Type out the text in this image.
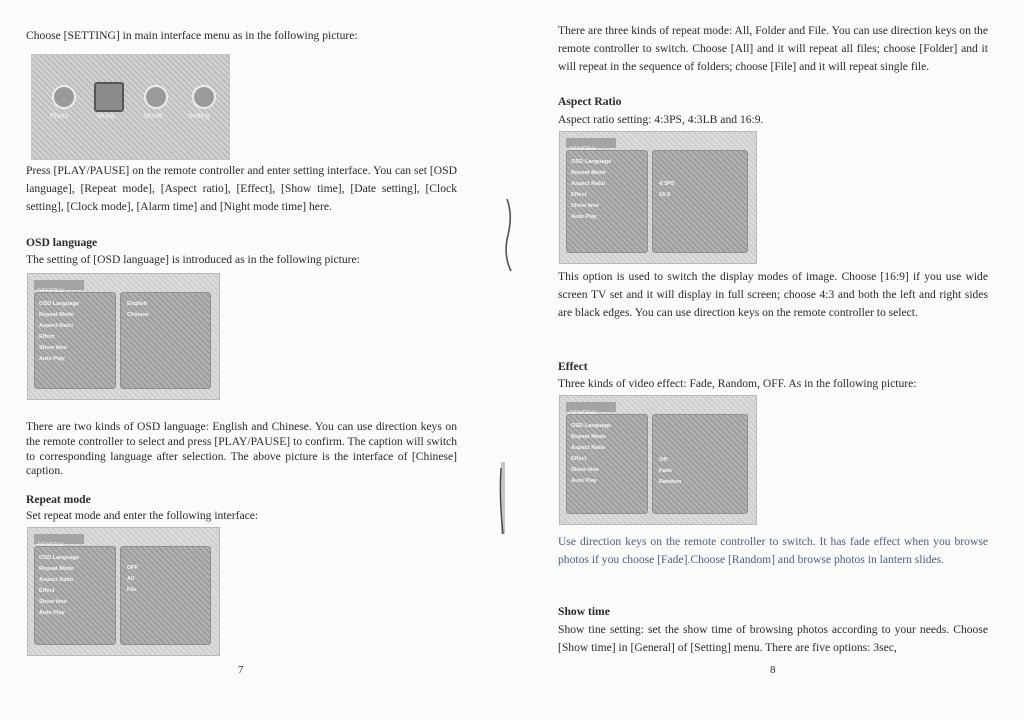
Choose [SETTING] in main interface menu as in the following picture:

Photo	Music	Movie	Setting

Press [PLAY/PAUSE] on the remote controller and enter setting interface. You can set [OSD language], [Repeat mode], [Aspect ratio], [Effect], [Show time], [Date setting], [Clock setting], [Clock mode], [Alarm time] and [Night mode time] here.

OSD language

The setting of [OSD language] is introduced as in the following picture:

OSD Language
Repeat Mode
Aspect Ratio
Effect
Show time
Auto Play
English
Chinese

There are two kinds of OSD language: English and Chinese. You can use direction keys on the remote controller to select and press [PLAY/PAUSE] to confirm. The caption will switch to corresponding language after selection. The above picture is the interface of [Chinese] caption.

Repeat mode

Set repeat mode and enter the following interface:

OSD Language
Repeat Mode
Aspect Ratio
Effect
Show time
Auto Play
OFF
All
File
7

There are three kinds of repeat mode: All, Folder and File. You can use direction keys on the remote controller to switch. Choose [All] and it will repeat all files; choose [Folder] and it will repeat in the sequence of folders; choose [File] and it will repeat single file.

Aspect Ratio

Aspect ratio setting: 4:3PS, 4:3LB and 16:9.

OSD Language
Repeat Mode
Aspect Ratio
Effect
Show time
Auto Play
4:3PS
16:9

This option is used to switch the display modes of image. Choose [16:9] if you use wide screen TV set and it will display in full screen; choose 4:3 and both the left and right sides are black edges. You can use direction keys on the remote controller to select.

Effect

Three kinds of video effect: Fade, Random, OFF. As in the following picture:

OSD Language
Repeat Mode
Aspect Ratio
Effect
Show time
Auto Play
Off
Fade
Random

Use direction keys on the remote controller to switch. It has fade effect when you browse photos if you choose [Fade].Choose [Random] and browse photos in lantern slides.

Show time

Show tine setting: set the show time of browsing photos according to your needs. Choose [Show time] in [General] of [Setting] menu. There are five options: 3sec,

8
